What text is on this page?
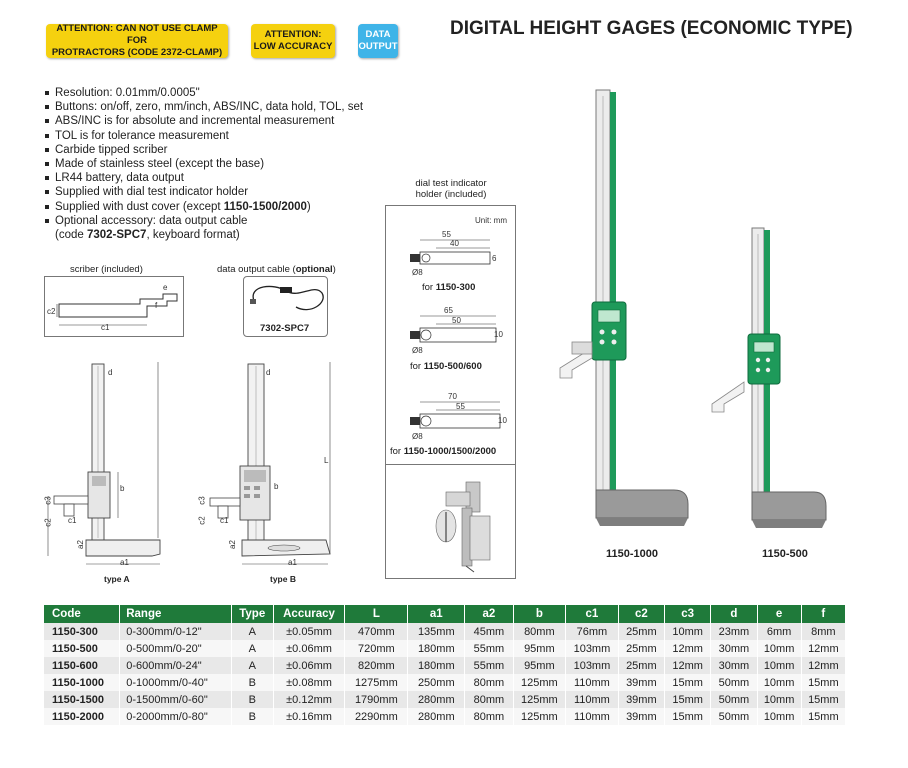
ATTENTION: CAN NOT USE CLAMP FOR
PROTRACTORS (CODE 2372-CLAMP)
ATTENTION:
LOW ACCURACY
DATA
OUTPUT
DIGITAL HEIGHT GAGES (ECONOMIC TYPE)
Resolution: 0.01mm/0.0005"
Buttons: on/off, zero, mm/inch, ABS/INC, data hold, TOL, set
ABS/INC is for absolute and incremental measurement
TOL is for tolerance measurement
Carbide tipped scriber
Made of stainless steel (except the base)
LR44 battery, data output
Supplied with dial test indicator holder
Supplied with dust cover (except 1150-1500/2000)
Optional accessory: data output cable
(code 7302-SPC7, keyboard format)
scriber (included)
e
f
c2
c1
data output cable (optional)
7302-SPC7
d
b
c3
c2 c1
a2
a1
type A
d
L
b
c3
c2 c1
a2
a1
type B
dial test indicator
holder (included)
Unit: mm
55
40
6
Ø8
for 1150-300
65
50
10
Ø8
for 1150-500/600
70
55
10
Ø8
for 1150-1000/1500/2000
1150-1000	1150-500
Code	Range	Type	Accuracy	L	a1	a2	b	c1	c2	c3	d	e	f
1150-300	0-300mm/0-12"	A	±0.05mm	470mm	135mm	45mm	80mm	76mm	25mm	10mm	23mm	6mm	8mm
1150-500	0-500mm/0-20"	A	±0.06mm	720mm	180mm	55mm	95mm	103mm	25mm	12mm	30mm	10mm	12mm
1150-600	0-600mm/0-24"	A	±0.06mm	820mm	180mm	55mm	95mm	103mm	25mm	12mm	30mm	10mm	12mm
1150-1000	0-1000mm/0-40"	B	±0.08mm	1275mm	250mm	80mm	125mm	110mm	39mm	15mm	50mm	10mm	15mm
1150-1500	0-1500mm/0-60"	B	±0.12mm	1790mm	280mm	80mm	125mm	110mm	39mm	15mm	50mm	10mm	15mm
1150-2000	0-2000mm/0-80"	B	±0.16mm	2290mm	280mm	80mm	125mm	110mm	39mm	15mm	50mm	10mm	15mm
